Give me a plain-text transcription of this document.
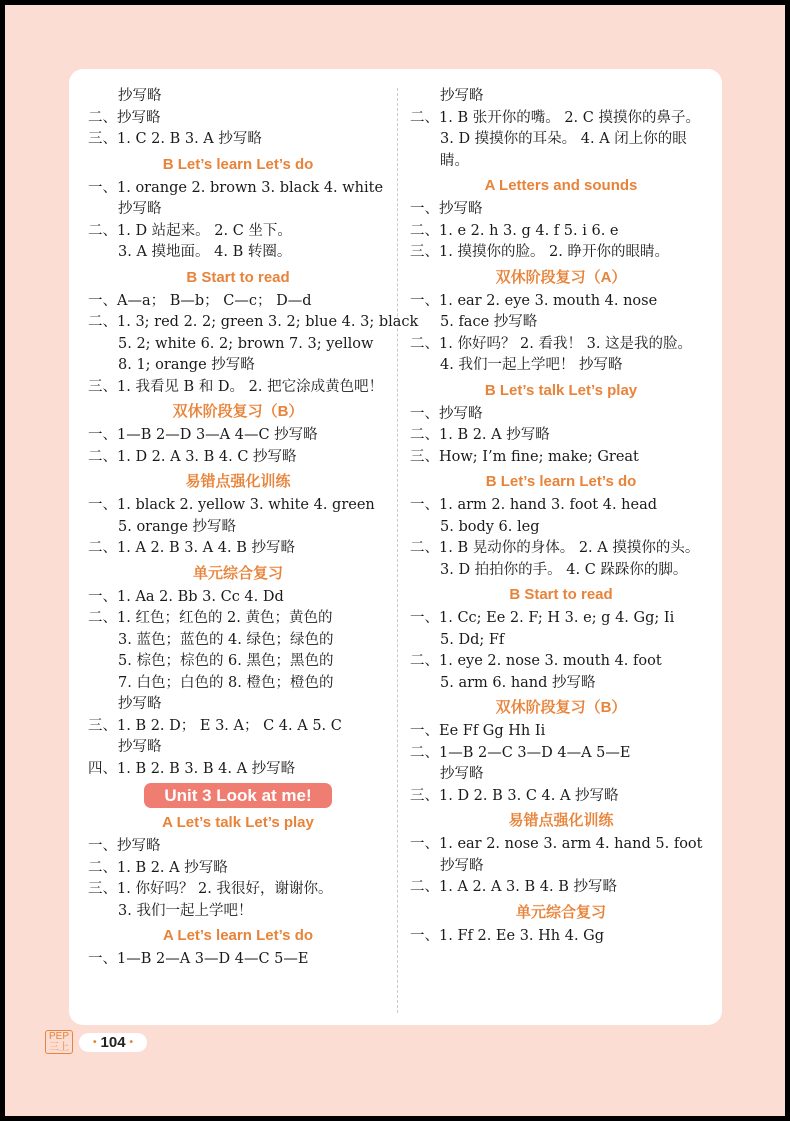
抄写略
二、抄写略
三、1. C 2. B 3. A 抄写略
B Let’s learn Let’s do
一、1. orange 2. brown 3. black 4. white
抄写略
二、1. D 站起来。 2. C 坐下。
3. A 摸地面。 4. B 转圈。
B Start to read
一、A—a； B—b； C—c； D—d
二、1. 3; red 2. 2; green 3. 2; blue 4. 3; black
5. 2; white 6. 2; brown 7. 3; yellow
8. 1; orange 抄写略
三、1. 我看见 B 和 D。 2. 把它涂成黄色吧！
双休阶段复习（B）
一、1—B 2—D 3—A 4—C 抄写略
二、1. D 2. A 3. B 4. C 抄写略
易错点强化训练
一、1. black 2. yellow 3. white 4. green
5. orange 抄写略
二、1. A 2. B 3. A 4. B 抄写略
单元综合复习
一、1. Aa 2. Bb 3. Cc 4. Dd
二、1. 红色；红色的 2. 黄色；黄色的
3. 蓝色；蓝色的 4. 绿色；绿色的
5. 棕色；棕色的 6. 黑色；黑色的
7. 白色；白色的 8. 橙色；橙色的
抄写略
三、1. B 2. D； E 3. A； C 4. A 5. C
抄写略
四、1. B 2. B 3. B 4. A 抄写略
Unit 3 Look at me!
A Let’s talk Let’s play
一、抄写略
二、1. B 2. A 抄写略
三、1. 你好吗？ 2. 我很好，谢谢你。
3. 我们一起上学吧！
A Let’s learn Let’s do
一、1—B 2—A 3—D 4—C 5—E
抄写略
二、1. B 张开你的嘴。 2. C 摸摸你的鼻子。 3. D 摸摸你的耳朵。 4. A 闭上你的眼睛。
A Letters and sounds
一、抄写略
二、1. e 2. h 3. g 4. f 5. i 6. e
三、1. 摸摸你的脸。 2. 睁开你的眼睛。
双休阶段复习（A）
一、1. ear 2. eye 3. mouth 4. nose
5. face 抄写略
二、1. 你好吗？ 2. 看我！ 3. 这是我的脸。
4. 我们一起上学吧！ 抄写略
B Let’s talk Let’s play
一、抄写略
二、1. B 2. A 抄写略
三、How; I’m fine; make; Great
B Let’s learn Let’s do
一、1. arm 2. hand 3. foot 4. head
5. body 6. leg
二、1. B 晃动你的身体。 2. A 摸摸你的头。 3. D 拍拍你的手。 4. C 跺跺你的脚。
B Start to read
一、1. Cc; Ee 2. F; H 3. e; g 4. Gg; Ii
5. Dd; Ff
二、1. eye 2. nose 3. mouth 4. foot
5. arm 6. hand 抄写略
双休阶段复习（B）
一、Ee Ff Gg Hh Ii
二、1—B 2—C 3—D 4—A 5—E
抄写略
三、1. D 2. B 3. C 4. A 抄写略
易错点强化训练
一、1. ear 2. nose 3. arm 4. hand 5. foot
抄写略
二、1. A 2. A 3. B 4. B 抄写略
单元综合复习
一、1. Ff 2. Ee 3. Hh 4. Gg
PEP
三上	• 104 •
